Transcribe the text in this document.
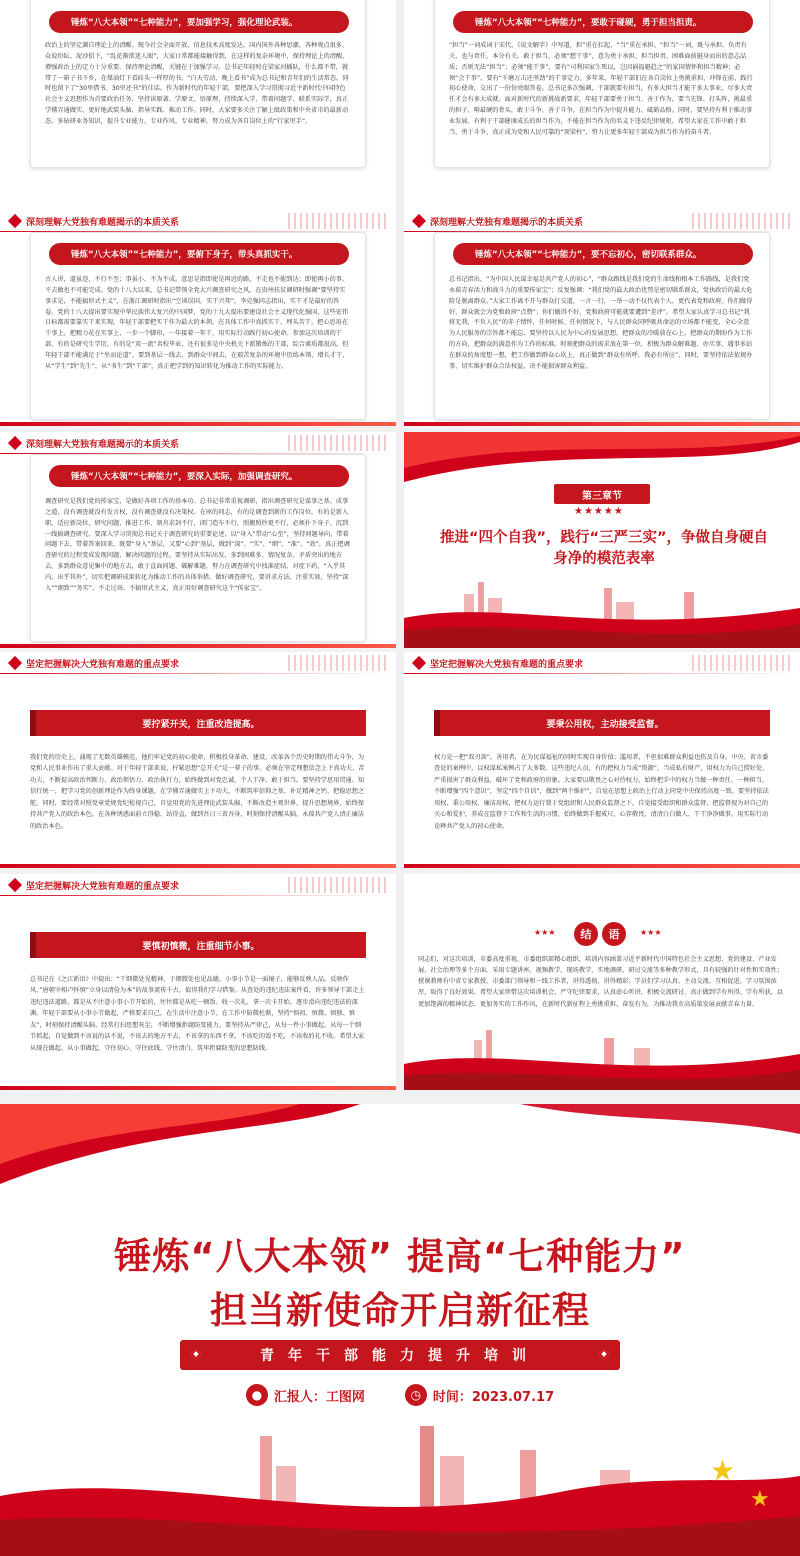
锤炼“八大本领”“七种能力”，要加强学习，强化理论武装。
政治上的坚定源自理论上的清醒。现今社会全面开放，信息技术高度发达，国内国外各种思潮、各种观点很多，众说纷纭、泥沙俱下，“乱花渐欲迷人眼”，大家日常都能接触得到，在这样的复杂环境中，保持理论上的清醒、增强政治上的定力十分重要。保持理论清醒，关键在于加强学习。总书记年轻时在梁家河插队，什么都不带，就带了一箱子书下乡，在煤油灯下看砖头一样厚的书。“白天劳动、晚上看书”成为总书记和青年们的生活常态。同时也留下了“30里借书、30里还书”的佳话。作为新时代的年轻干部，要把深入学习贯彻习近平新时代中国特色社会主义思想作为首要政治任务，坚持读原著、学原文、悟原理，持续深入学、带着问题学、联系实际学，真正学懂弄通做实，更好地武装头脑、指导实践、推动工作。同时，大家要多关注了解上级政策和中央省市的最新动态，多钻研业务知识，提升专业能力、专业作风、专业精神，努力成为各自岗位上的“行家里手”。
锤炼“八大本领”“七种能力”，要敢于碰硬，勇于担当担责。
“担当”一词成词于宋代，《说文解字》中写道，担”重在扛起，“当”重在承担。“担当”一词，既与承担、负责有关，也与责任、本分有关。敢于担当，必须“想干事”，意为勇于承担、担当担责、困难面前挺身而出的意志品质；否则无法“担当”；必须“能干事”，要有“司利国家生死以，岂因祸福避趋之”的家国情怀和担当精神；必须“会干事”，要有“千磨万击还坚劲”的干事定力。多年来，年轻干部们在各自岗位上勇挑重担、冲锋在前，践行初心使命，交出了一份份亮眼答卷。总书记多次强调，干部就要有担当，有多大担当才能干多大事业，尽多大责任才会有多大成就。面对新时代的新挑战新要求，年轻干部要勇于担当、善于作为，要当先锋、打头阵，挑最重的担子、啃最硬的骨头，敢于斗争、善于斗争，在担当作为中提升能力、砥砺品格。同时，要坚持有利于推动事业发展、有利于干部健康成长的担当作为，不能在担当作为的名义下违反纪律规矩。希望大家在工作中敢于担当、勇于斗争，真正成为党和人民可靠的“顶梁柱”，努力让更多年轻干部成为担当作为的奋斗者。
深刻理解大党独有难题揭示的本质关系
锤炼“八大本领”“七种能力”，要俯下身子，带头真抓实干。
古人讲，道虽迩，不行不至；事虽小，不为不成。意思是指即使是再近的路，不走也不能到达；即使再小的事，不去做也不可能完成。党的十八大以来，总书记带领全党大兴调查研究之风，在贵州扶贫调研时强调“要坚持实事求是，不能搞形式主义”，在浙江调研时指出“空谈误国，实干兴邦”。李克强同志指出，实干才是最好的答卷。党的十八大提出要实现中华民族伟大复兴的中国梦，党的十九大提出要建设社会主义现代化强国，这些宏伟目标都需要靠实干来实现。年轻干部要把实干作为最大的本领，在具体工作中真抓实干、埋头苦干，把心思用在干事上、把精力花在实事上，一步一个脚印，一年接着一年干，用实际行动践行初心使命。参加这次培训的干部，有的是研究生学历，有的是“双一流”名校毕业，还有很多是中央机关下派锻炼的干部，综合素质都很高。但年轻干部不能满足于“坐而论道”，要到基层一线去、到群众中间去，在艰苦复杂的环境中历练本领、增长才干，从“学生”到“先生”，从“书生”到“干部”，真正把学到的知识转化为推动工作的实际能力。
深刻理解大党独有难题揭示的本质关系
锤炼“八大本领”“七种能力”，要不忘初心，密切联系群众。
总书记指出，“为中国人民谋幸福是共产党人的初心”，“群众路线是我们党的生命线和根本工作路线，是我们党永葆青春活力和战斗力的重要传家宝”；反复强调：“我们党的最大政治优势是密切联系群众，党执政后的最大危险是脱离群众。”大家工作离不开与群众打交道，一言一行，一举一动不仅代表个人，更代表党和政府。你们做得好，群众就会为党和政府“点赞”；你们做得不好，党和政府可能就要遭到“差评”。希望大家认真学习总书记“我将无我，不负人民”的赤子情怀，任何时候、任何情况下，与人民群众同呼吸共命运的立场都不能变，全心全意为人民服务的宗旨都不能忘，要坚持以人民为中心的发展思想，把群众的冷暖放在心上，把群众的期盼作为工作的方向，把群众的满意作为工作的标准。时刻把群众的需求放在第一位，积极为群众解难题、办实事，遇事多站在群众的角度想一想，把工作做到群众心坎上，真正做到“群众有所呼，我必有所应”。同时，要坚持依法依规办事，切实维护群众合法权益，决不能损害群众利益。
深刻理解大党独有难题揭示的本质关系
锤炼“八大本领”“七种能力”，要深入实际，加强调查研究。
调查研究是我们党的传家宝，是做好各项工作的基本功。总书记非常重视调研，指出调查研究是谋事之基、成事之道，没有调查就没有发言权，没有调查就没有决策权。在座的同志，有的是调查到新的工作岗位，有的是新入职，适应新岗位，研究问题、推进工作，刻舟求剑不行，闭门造车不行，照搬照抄更不行，必须扑下身子、沉到一线搞调查研究。要深入学习贯彻总书记关于调查研究的重要论述，以“身入”带动“心至”，坚持问题导向，带着问题下去、带着答案回来，既要“身入”基层，又要“心到”基层，做到“深”、“实”、“细”、“准”、“效”，真正把调查研究的过程变成发现问题、解决问题的过程。要坚持从实际出发，多到困难多、情况复杂、矛盾突出的地方去，多到群众意见集中的地方去，敢于直面问题、破解难题，努力在调查研究中找准症结、对症下药，“入乎其内，出乎其外”，切实把调研成果转化为推动工作的具体举措。做好调查研究，要讲求方法、注重实效，坚持“深入”“细致”“务实”，不走过场、不搞形式主义，真正用好调查研究这个“传家宝”。
第三章节
★★★★★
推进“四个自我”，践行“三严三实”，争做自身硬自身净的模范表率
坚定把握解决大党独有难题的重点要求
要拧紧开关，注重改造提高。
我们党的历史上，涌现了无数英雄模范，他们牢记党的初心使命，积极投身革命、建设、改革各个历史时期的伟大斗争，为党和人民事业作出了重大贡献。对于年轻干部来说，拧紧思想“总开关”是一辈子的事，必须在坚定理想信念上下真功夫、苦功夫，不断提高政治判断力、政治领悟力、政治执行力，始终做到对党忠诚、个人干净、敢于担当。要坚持学思用贯通、知信行统一，把学习党的创新理论作为终身课题，在学懂弄通做实上下功夫，不断筑牢信仰之基、补足精神之钙、把稳思想之舵。同时，要经常对照党章党规党纪检视自己，自觉用党的先进理论武装头脑，不断改造主观世界、提升思想境界，始终保持共产党人的政治本色，在各种诱惑面前立得稳、站得直，做到吾日三省吾身，时刻保持清醒头脑，永葆共产党人清正廉洁的政治本色。
坚定把握解决大党独有难题的重点要求
要秉公用权，主动接受监督。
权力是一把“双刃剑”，善用者，在为民谋福祉的同时实现自身价值；滥用者，不但很难群众利益也伤及自身。中央、省市委查处的案例中，以权谋私案例占了大多数。这些违纪人员，有的把权力当成“资源”，当成私有财产，用权力为自己捞好处，严重损害了群众利益，破坏了党和政府的形象。大家要以敬畏之心对待权力，始终把手中的权力当做一种责任、一种担当，不断增强“四个意识”，坚定“四个自信”，做到“两个维护”，自觉在思想上政治上行动上同党中央保持高度一致。要坚持依法用权、秉公用权、廉洁用权，把权力运行置于党组织和人民群众监督之下，自觉接受组织和群众监督，把监督视为对自己的关心和爱护，养成在监督下工作和生活的习惯，始终做到手握戒尺、心存敬畏，清清白白做人、干干净净做事，用实际行动诠释共产党人的初心使命。
坚定把握解决大党独有难题的重点要求
要慎初慎微，注重细节小事。
总书记在《之江新语》中提出：“干细微处见精神，于细微处也见品德。小事小节是一面镜子，能够反映人品，反映作风。”唐朝宰相卢怀慎“立身以清俭为本”的故事流传千古，值得我们学习借鉴。从查处的违纪违法案件看，许多领导干部走上违纪违法道路，都是从不注意小事小节开始的，往往都是从吃一顿饭、收一次礼、拿一次卡开始，逐步滑向违纪违法的深渊。年轻干部要从小事小节做起，严格要求自己，在生活中注意小节、在工作中防微杜渐，坚持“慎初、慎微、慎独、慎友”，时刻保持清醒头脑，经常打扫思想灰尘，不断增强拒腐防变能力。要坚持从严律己，从每一件小事做起，从每一个细节抓起，自觉做到不该说的话不说，不该去的地方不去，不该拿的东西不拿，不该吃的饭不吃，不该收的礼不收。希望大家从现在做起、从小事做起，守住初心、守住底线、守住清白，筑牢拒腐防变的思想防线。
★★★	结	语	★★★
同志们，对这次培训，市委高度重视，市委组织部精心组织，培训内容涵盖习近平新时代中国特色社会主义思想、党的建设、产业发展、社会治理等多个方面，采用专题讲座、视频教学、现场教学、实地调研、研讨交流等多种教学形式，具有较强的针对性和实效性；授课教师有中省专家教授、市委部门领导和一线工作者，讲得透彻、讲得精彩；学员们学习认真、主动交流、互相促进，学习氛围浓厚，取得了良好效果。希望大家珍惜这次培训机会，严守纪律要求，认真虚心听讲，积极交流研讨，真正做到学有所得、学有所获，以更加饱满的精神状态、更加务实的工作作风，在新时代新征程上勇挑重担、奋发有为，为推动我市高质量发展贡献青春力量。
锤炼“八大本领” 提高“七种能力”
担当新使命开启新征程
青年干部能力提升培训
● 汇报人：工图网	◷ 时间：2023.07.17
★
★
